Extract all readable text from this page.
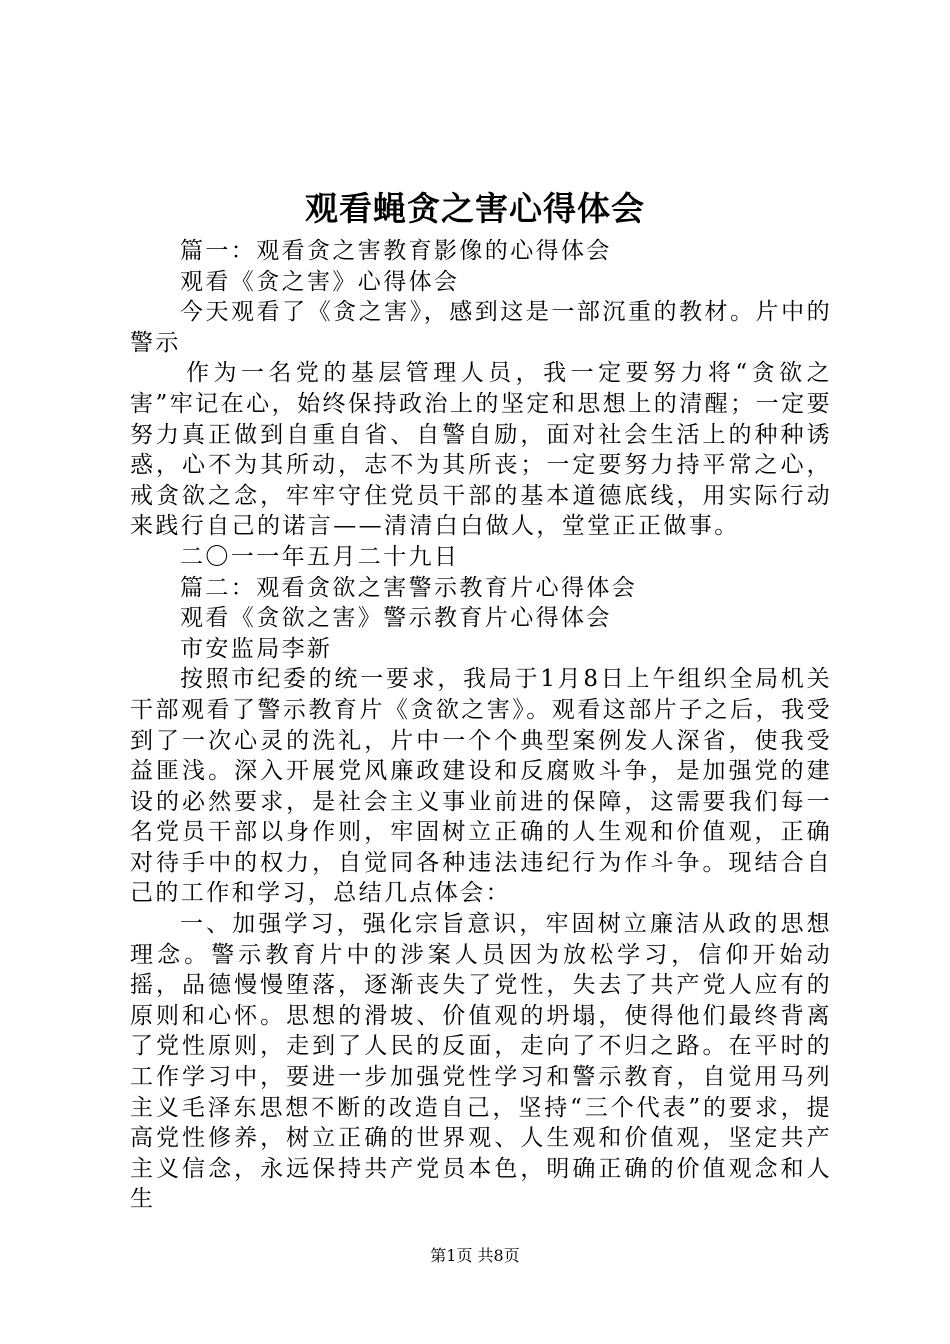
观看蝇贪之害心得体会

篇一：观看贪之害教育影像的心得体会

观看《贪之害》心得体会

今天观看了《贪之害》，感到这是一部沉重的教材。片中的警示

作为一名党的基层管理人员，我一定要努力将“贪欲之害”牢记在心，始终保持政治上的坚定和思想上的清醒；一定要努力真正做到自重自省、自警自励，面对社会生活上的种种诱惑，心不为其所动，志不为其所丧；一定要努力持平常之心，戒贪欲之念，牢牢守住党员干部的基本道德底线，用实际行动来践行自己的诺言——清清白白做人，堂堂正正做事。

二〇一一年五月二十九日

篇二：观看贪欲之害警示教育片心得体会

观看《贪欲之害》警示教育片心得体会

市安监局李新

按照市纪委的统一要求，我局于1月8日上午组织全局机关干部观看了警示教育片《贪欲之害》。观看这部片子之后，我受到了一次心灵的洗礼，片中一个个典型案例发人深省，使我受益匪浅。深入开展党风廉政建设和反腐败斗争，是加强党的建设的必然要求，是社会主义事业前进的保障，这需要我们每一名党员干部以身作则，牢固树立正确的人生观和价值观，正确对待手中的权力，自觉同各种违法违纪行为作斗争。现结合自己的工作和学习，总结几点体会：

一、加强学习，强化宗旨意识，牢固树立廉洁从政的思想理念。警示教育片中的涉案人员因为放松学习，信仰开始动摇，品德慢慢堕落，逐渐丧失了党性，失去了共产党人应有的原则和心怀。思想的滑坡、价值观的坍塌，使得他们最终背离了党性原则，走到了人民的反面，走向了不归之路。在平时的工作学习中，要进一步加强党性学习和警示教育，自觉用马列主义毛泽东思想不断的改造自己，坚持“三个代表”的要求，提高党性修养，树立正确的世界观、人生观和价值观，坚定共产主义信念，永远保持共产党员本色，明确正确的价值观念和人生

第1页 共8页
